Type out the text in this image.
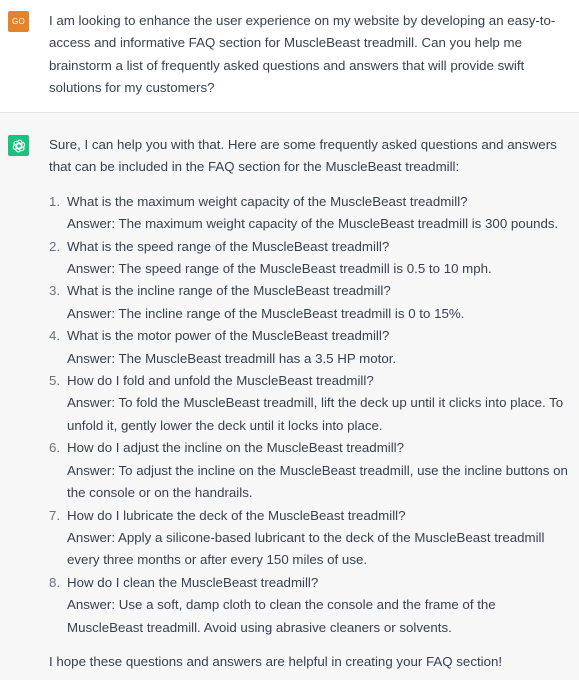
GO I am looking to enhance the user experience on my website by developing an easy-to-access and informative FAQ section for MuscleBeast treadmill. Can you help me brainstorm a list of frequently asked questions and answers that will provide swift solutions for my customers?

Sure, I can help you with that. Here are some frequently asked questions and answers that can be included in the FAQ section for the MuscleBeast treadmill:

1. What is the maximum weight capacity of the MuscleBeast treadmill?
Answer: The maximum weight capacity of the MuscleBeast treadmill is 300 pounds.
2. What is the speed range of the MuscleBeast treadmill?
Answer: The speed range of the MuscleBeast treadmill is 0.5 to 10 mph.
3. What is the incline range of the MuscleBeast treadmill?
Answer: The incline range of the MuscleBeast treadmill is 0 to 15%.
4. What is the motor power of the MuscleBeast treadmill?
Answer: The MuscleBeast treadmill has a 3.5 HP motor.
5. How do I fold and unfold the MuscleBeast treadmill?
Answer: To fold the MuscleBeast treadmill, lift the deck up until it clicks into place. To unfold it, gently lower the deck until it locks into place.
6. How do I adjust the incline on the MuscleBeast treadmill?
Answer: To adjust the incline on the MuscleBeast treadmill, use the incline buttons on the console or on the handrails.
7. How do I lubricate the deck of the MuscleBeast treadmill?
Answer: Apply a silicone-based lubricant to the deck of the MuscleBeast treadmill every three months or after every 150 miles of use.
8. How do I clean the MuscleBeast treadmill?
Answer: Use a soft, damp cloth to clean the console and the frame of the MuscleBeast treadmill. Avoid using abrasive cleaners or solvents.

I hope these questions and answers are helpful in creating your FAQ section!
